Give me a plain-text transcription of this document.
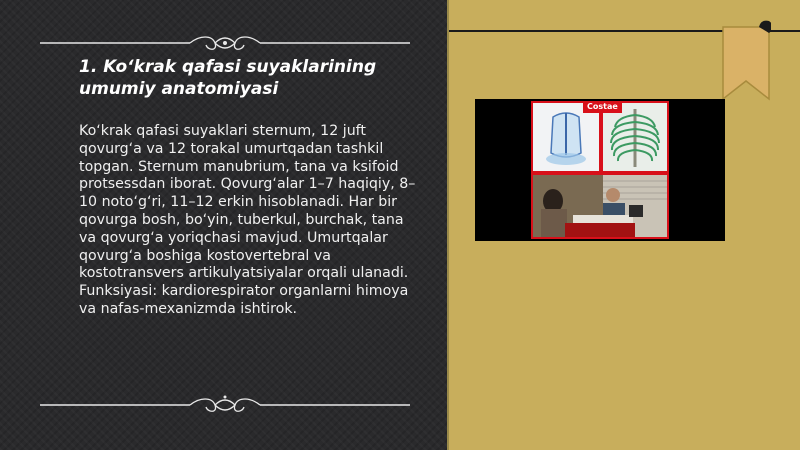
1. Ko‘krak qafasi suyaklarining umumiy anatomiyasi

Ko‘krak qafasi suyaklari sternum, 12 juft qovurg‘a va 12 torakal umurtqadan tashkil topgan. Sternum manubrium, tana va ksifoid protsessdan iborat. Qovurg‘alar 1–7 haqiqiy, 8–10 noto‘g‘ri, 11–12 erkin hisoblanadi. Har bir qovurga bosh, bo‘yin, tuberkul, burchak, tana va qovurg‘a yoriqchasi mavjud. Umurtqalar qovurg‘a boshiga kostovertebral va kostotransvers artikulyatsiyalar orqali ulanadi. Funksiyasi: kardiorespirator organlarni himoya va nafas-mexanizmda ishtirok.

Costae
